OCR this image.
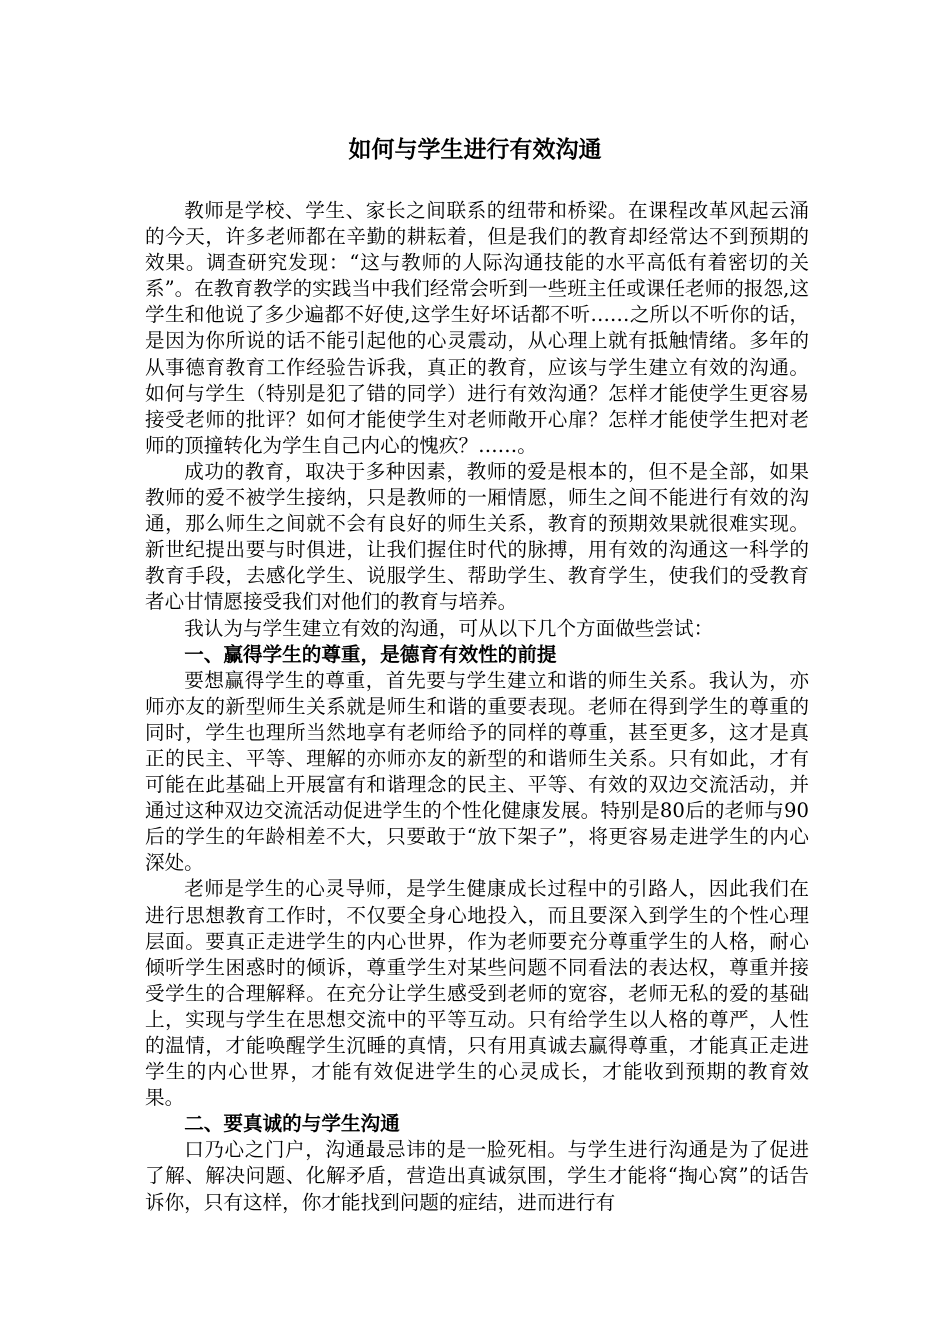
如何与学生进行有效沟通

教师是学校、学生、家长之间联系的纽带和桥梁。在课程改革风起云涌的今天，许多老师都在辛勤的耕耘着，但是我们的教育却经常达不到预期的效果。调查研究发现：“这与教师的人际沟通技能的水平高低有着密切的关系”。在教育教学的实践当中我们经常会听到一些班主任或课任老师的报怨,这学生和他说了多少遍都不好使,这学生好坏话都不听……之所以不听你的话，是因为你所说的话不能引起他的心灵震动，从心理上就有抵触情绪。多年的从事德育教育工作经验告诉我，真正的教育，应该与学生建立有效的沟通。如何与学生（特别是犯了错的同学）进行有效沟通？怎样才能使学生更容易接受老师的批评？如何才能使学生对老师敞开心扉？怎样才能使学生把对老师的顶撞转化为学生自己内心的愧疚？……。

成功的教育，取决于多种因素，教师的爱是根本的，但不是全部，如果教师的爱不被学生接纳，只是教师的一厢情愿，师生之间不能进行有效的沟通，那么师生之间就不会有良好的师生关系，教育的预期效果就很难实现。新世纪提出要与时俱进，让我们握住时代的脉搏，用有效的沟通这一科学的教育手段，去感化学生、说服学生、帮助学生、教育学生，使我们的受教育者心甘情愿接受我们对他们的教育与培养。

我认为与学生建立有效的沟通，可从以下几个方面做些尝试：

一、赢得学生的尊重，是德育有效性的前提

要想赢得学生的尊重，首先要与学生建立和谐的师生关系。我认为，亦师亦友的新型师生关系就是师生和谐的重要表现。老师在得到学生的尊重的同时，学生也理所当然地享有老师给予的同样的尊重，甚至更多，这才是真正的民主、平等、理解的亦师亦友的新型的和谐师生关系。只有如此，才有可能在此基础上开展富有和谐理念的民主、平等、有效的双边交流活动，并通过这种双边交流活动促进学生的个性化健康发展。特别是80后的老师与90后的学生的年龄相差不大，只要敢于“放下架子”，将更容易走进学生的内心深处。

老师是学生的心灵导师，是学生健康成长过程中的引路人，因此我们在进行思想教育工作时，不仅要全身心地投入，而且要深入到学生的个性心理层面。要真正走进学生的内心世界，作为老师要充分尊重学生的人格，耐心倾听学生困惑时的倾诉，尊重学生对某些问题不同看法的表达权，尊重并接受学生的合理解释。在充分让学生感受到老师的宽容，老师无私的爱的基础上，实现与学生在思想交流中的平等互动。只有给学生以人格的尊严，人性的温情，才能唤醒学生沉睡的真情，只有用真诚去赢得尊重，才能真正走进学生的内心世界，才能有效促进学生的心灵成长，才能收到预期的教育效果。

二、要真诚的与学生沟通

口乃心之门户，沟通最忌讳的是一脸死相。与学生进行沟通是为了促进了解、解决问题、化解矛盾，营造出真诚氛围，学生才能将“掏心窝”的话告诉你，只有这样，你才能找到问题的症结，进而进行有
